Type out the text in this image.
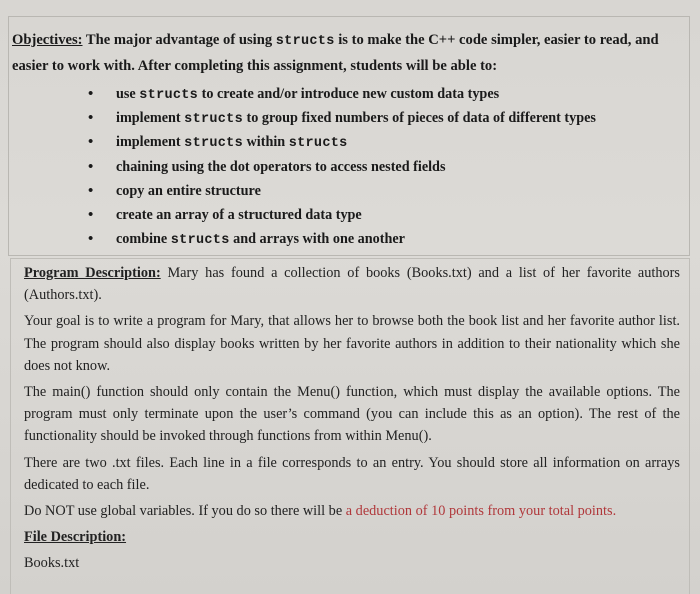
Objectives: The major advantage of using structs is to make the C++ code simpler, easier to read, and easier to work with. After completing this assignment, students will be able to:
• use structs to create and/or introduce new custom data types
• implement structs to group fixed numbers of pieces of data of different types
• implement structs within structs
• chaining using the dot operators to access nested fields
• copy an entire structure
• create an array of a structured data type
• combine structs and arrays with one another

Program Description: Mary has found a collection of books (Books.txt) and a list of her favorite authors (Authors.txt).

Your goal is to write a program for Mary, that allows her to browse both the book list and her favorite author list. The program should also display books written by her favorite authors in addition to their nationality which she does not know.

The main() function should only contain the Menu() function, which must display the available options. The program must only terminate upon the user’s command (you can include this as an option). The rest of the functionality should be invoked through functions from within Menu().

There are two .txt files. Each line in a file corresponds to an entry. You should store all information on arrays dedicated to each file.

Do NOT use global variables. If you do so there will be a deduction of 10 points from your total points.

File Description:

Books.txt
